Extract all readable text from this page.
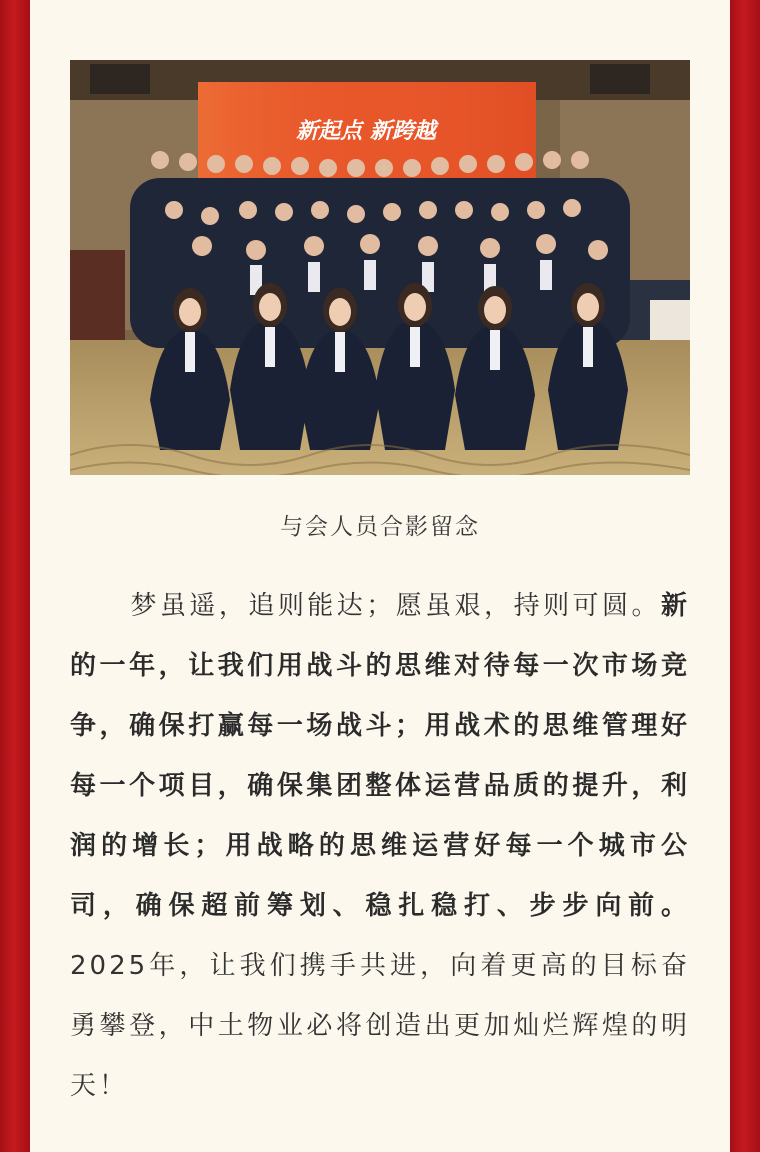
新起点 新跨越
与会人员合影留念
梦虽遥，追则能达；愿虽艰，持则可圆。新的一年，让我们用战斗的思维对待每一次市场竞争，确保打赢每一场战斗；用战术的思维管理好每一个项目，确保集团整体运营品质的提升，利润的增长；用战略的思维运营好每一个城市公司，确保超前筹划、稳扎稳打、步步向前。2025年，让我们携手共进，向着更高的目标奋勇攀登，中土物业必将创造出更加灿烂辉煌的明天！
